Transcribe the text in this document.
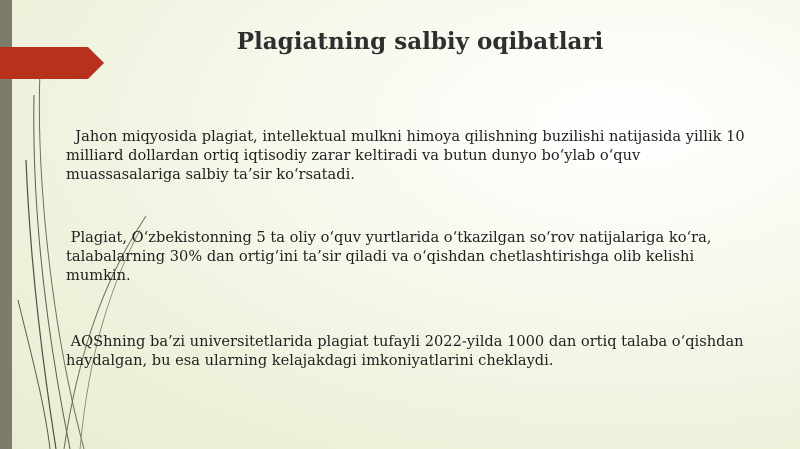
Plagiatning salbiy oqibatlari

Jahon miqyosida plagiat, intellektual mulkni himoya qilishning buzilishi natijasida yillik 10 milliard dollardan ortiq iqtisodiy zarar keltiradi va butun dunyo bo‘ylab o‘quv muassasalariga salbiy ta’sir ko‘rsatadi.

Plagiat, O‘zbekistonning 5 ta oliy o‘quv yurtlarida o‘tkazilgan so‘rov natijalariga ko‘ra, talabalarning 30% dan ortig‘ini ta’sir qiladi va o‘qishdan chetlashtirishga olib kelishi mumkin.

AQShning ba’zi universitetlarida plagiat tufayli 2022-yilda 1000 dan ortiq talaba o‘qishdan haydalgan, bu esa ularning kelajakdagi imkoniyatlarini cheklaydi.
